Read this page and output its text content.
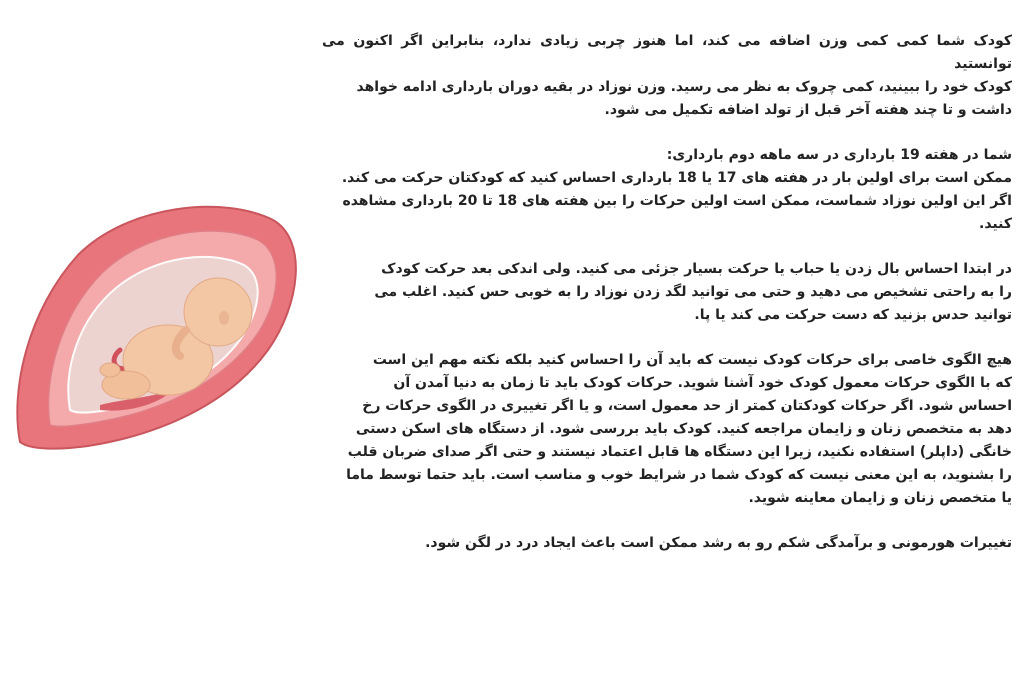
کودک شما کمی کمی وزن اضافه می کند، اما هنوز چربی زیادی ندارد، بنابراین اگر اکنون می توانستید
کودک خود را ببینید، کمی چروک به نظر می رسید. وزن نوزاد در بقیه دوران بارداری ادامه خواهد
داشت و تا چند هفته آخر قبل از تولد اضافه تکمیل می شود.

شما در هفته 19 بارداری در سه ماهه دوم بارداری:
ممکن است برای اولین بار در هفته های 17 یا 18 بارداری احساس کنید که کودکتان حرکت می کند.
اگر این اولین نوزاد شماست، ممکن است اولین حرکات را بین هفته های 18 تا 20 بارداری مشاهده
کنید.

در ابتدا احساس بال زدن یا حباب یا حرکت بسیار جزئی می کنید. ولی اندکی بعد حرکت کودک
را به راحتی تشخیص می دهید و حتی می توانید لگد زدن نوزاد را به خوبی حس کنید. اغلب می
توانید حدس بزنید که دست حرکت می کند یا پا.

هیچ الگوی خاصی برای حرکات کودک نیست که باید آن را احساس کنید بلکه نکته مهم این است
که با الگوی حرکات معمول کودک خود آشنا شوید. حرکات کودک باید تا زمان به دنیا آمدن آن
احساس شود. اگر حرکات کودکتان کمتر از حد معمول است، و یا اگر تغییری در الگوی حرکات رخ
دهد به متخصص زنان و زایمان مراجعه کنید. کودک باید بررسی شود. از دستگاه های اسکن دستی
خانگی (داپلر) استفاده نکنید، زیرا این دستگاه ها قابل اعتماد نیستند و حتی اگر صدای ضربان قلب
را بشنوید، به این معنی نیست که کودک شما در شرایط خوب و مناسب است. باید حتما توسط ماما
یا متخصص زنان و زایمان معاینه شوید.

تغییرات هورمونی و برآمدگی شکم رو به رشد ممکن است باعث ایجاد درد در لگن شود.
